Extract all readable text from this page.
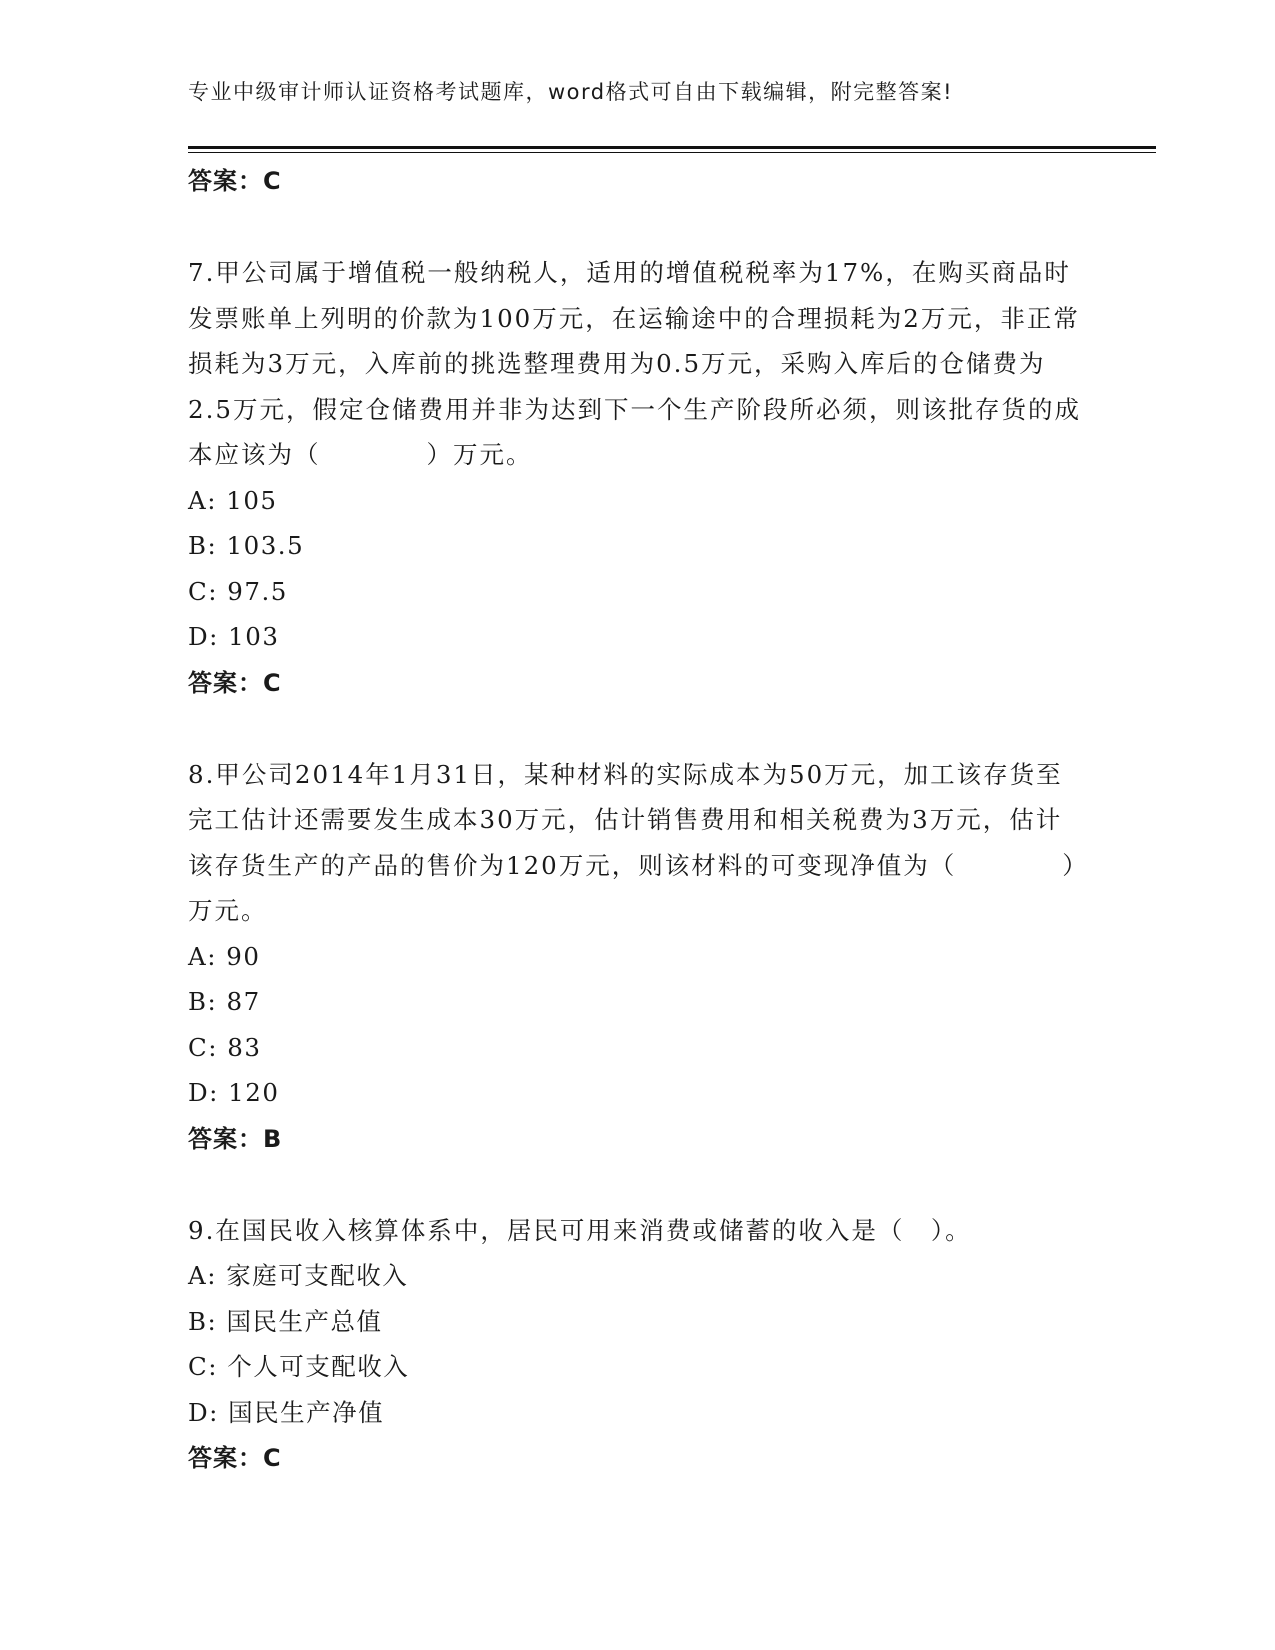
专业中级审计师认证资格考试题库，word格式可自由下载编辑，附完整答案!
答案：C
7.甲公司属于增值税一般纳税人，适用的增值税税率为17%，在购买商品时发票账单上列明的价款为100万元，在运输途中的合理损耗为2万元，非正常损耗为3万元，入库前的挑选整理费用为0.5万元，采购入库后的仓储费为2.5万元，假定仓储费用并非为达到下一个生产阶段所必须，则该批存货的成本应该为（　　　　）万元。
A: 105
B: 103.5
C: 97.5
D: 103
答案：C
8.甲公司2014年1月31日，某种材料的实际成本为50万元，加工该存货至完工估计还需要发生成本30万元，估计销售费用和相关税费为3万元，估计该存货生产的产品的售价为120万元，则该材料的可变现净值为（　　　　）万元。
A: 90
B: 87
C: 83
D: 120
答案：B
9.在国民收入核算体系中，居民可用来消费或储蓄的收入是（　）。
A: 家庭可支配收入
B: 国民生产总值
C: 个人可支配收入
D: 国民生产净值
答案：C
